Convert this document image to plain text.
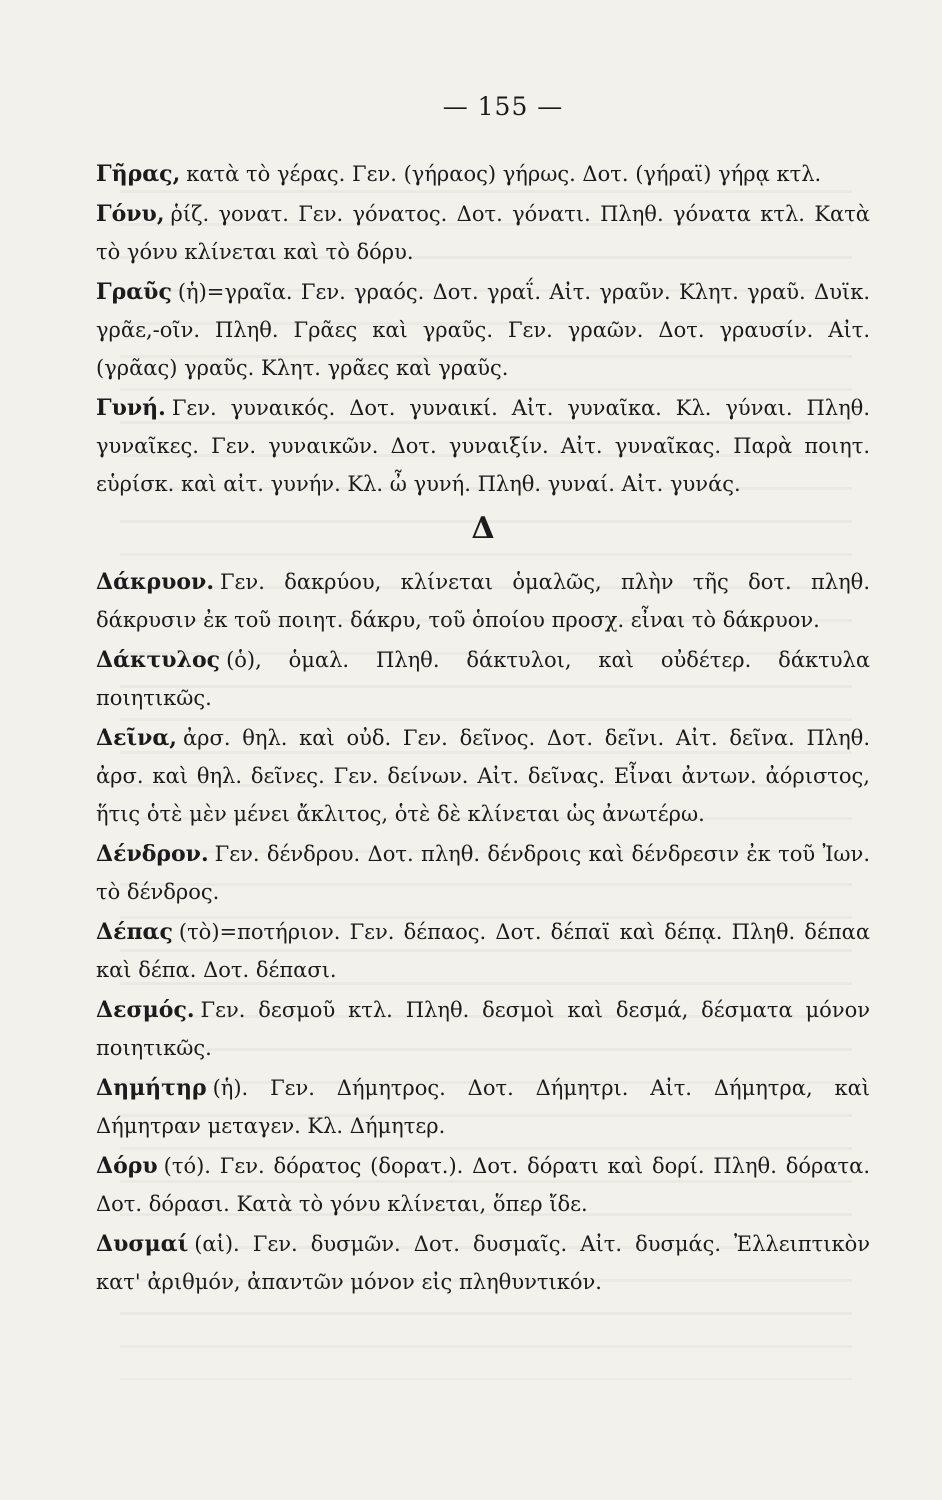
— 155 —

Γῆρας, κατὰ τὸ γέρας. Γεν. (γήραος) γήρως. Δοτ. (γήραϊ) γήρᾳ κτλ.

Γόνυ, ῥίζ. γονατ. Γεν. γόνατος. Δοτ. γόνατι. Πληθ. γόνατα κτλ. Κατὰ τὸ γόνυ κλίνεται καὶ τὸ δόρυ.

Γραῦς (ἡ)=γραῖα. Γεν. γραός. Δοτ. γραΐ. Αἰτ. γραῦν. Κλητ. γραῦ. Δυϊκ. γρᾶε,-οῖν. Πληθ. Γρᾶες καὶ γραῦς. Γεν. γραῶν. Δοτ. γραυσίν. Αἰτ. (γρᾶας) γραῦς. Κλητ. γρᾶες καὶ γραῦς.

Γυνή. Γεν. γυναικός. Δοτ. γυναικί. Αἰτ. γυναῖκα. Κλ. γύναι. Πληθ. γυναῖκες. Γεν. γυναικῶν. Δοτ. γυναιξίν. Αἰτ. γυναῖκας. Παρὰ ποιητ. εὑρίσκ. καὶ αἰτ. γυνήν. Κλ. ὦ γυνή. Πληθ. γυναί. Αἰτ. γυνάς.

Δ

Δάκρυον. Γεν. δακρύου, κλίνεται ὁμαλῶς, πλὴν τῆς δοτ. πληθ. δάκρυσιν ἐκ τοῦ ποιητ. δάκρυ, τοῦ ὁποίου προσχ. εἶναι τὸ δάκρυον.

Δάκτυλος (ὁ), ὁμαλ. Πληθ. δάκτυλοι, καὶ οὐδέτερ. δάκτυλα ποιητικῶς.

Δεῖνα, ἀρσ. θηλ. καὶ οὐδ. Γεν. δεῖνος. Δοτ. δεῖνι. Αἰτ. δεῖνα. Πληθ. ἀρσ. καὶ θηλ. δεῖνες. Γεν. δείνων. Αἰτ. δεῖνας. Εἶναι ἀντων. ἀόριστος, ἥτις ὁτὲ μὲν μένει ἄκλιτος, ὁτὲ δὲ κλίνεται ὡς ἀνωτέρω.

Δένδρον. Γεν. δένδρου. Δοτ. πληθ. δένδροις καὶ δένδρεσιν ἐκ τοῦ Ἰων. τὸ δένδρος.

Δέπας (τὸ)=ποτήριον. Γεν. δέπαος. Δοτ. δέπαϊ καὶ δέπᾳ. Πληθ. δέπαα καὶ δέπα. Δοτ. δέπασι.

Δεσμός. Γεν. δεσμοῦ κτλ. Πληθ. δεσμοὶ καὶ δεσμά, δέσματα μόνον ποιητικῶς.

Δημήτηρ (ἡ). Γεν. Δήμητρος. Δοτ. Δήμητρι. Αἰτ. Δήμητρα, καὶ Δήμητραν μεταγεν. Κλ. Δήμητερ.

Δόρυ (τό). Γεν. δόρατος (δορατ.). Δοτ. δόρατι καὶ δορί. Πληθ. δόρατα. Δοτ. δόρασι. Κατὰ τὸ γόνυ κλίνεται, ὅπερ ἴδε.

Δυσμαί (αἱ). Γεν. δυσμῶν. Δοτ. δυσμαῖς. Αἰτ. δυσμάς. Ἐλλειπτικὸν κατ' ἀριθμόν, ἀπαντῶν μόνον εἰς πληθυντικόν.
